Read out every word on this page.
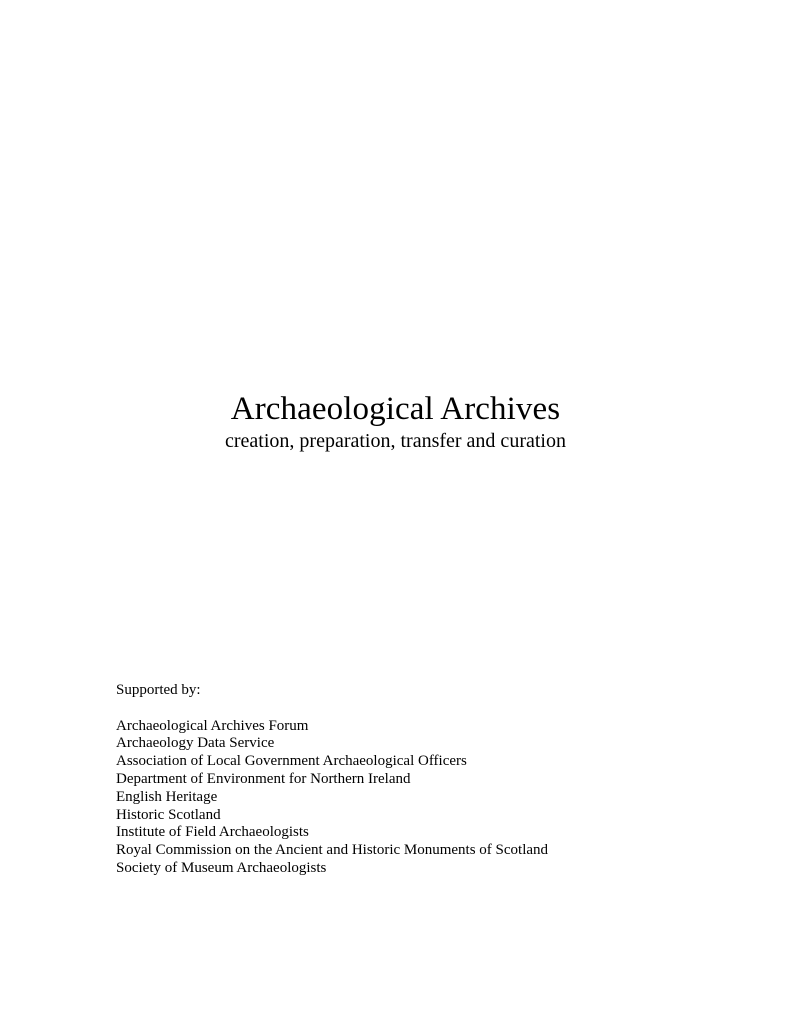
Archaeological Archives

creation, preparation, transfer and curation

Supported by:

Archaeological Archives Forum
Archaeology Data Service
Association of Local Government Archaeological Officers
Department of Environment for Northern Ireland
English Heritage
Historic Scotland
Institute of Field Archaeologists
Royal Commission on the Ancient and Historic Monuments of Scotland
Society of Museum Archaeologists
